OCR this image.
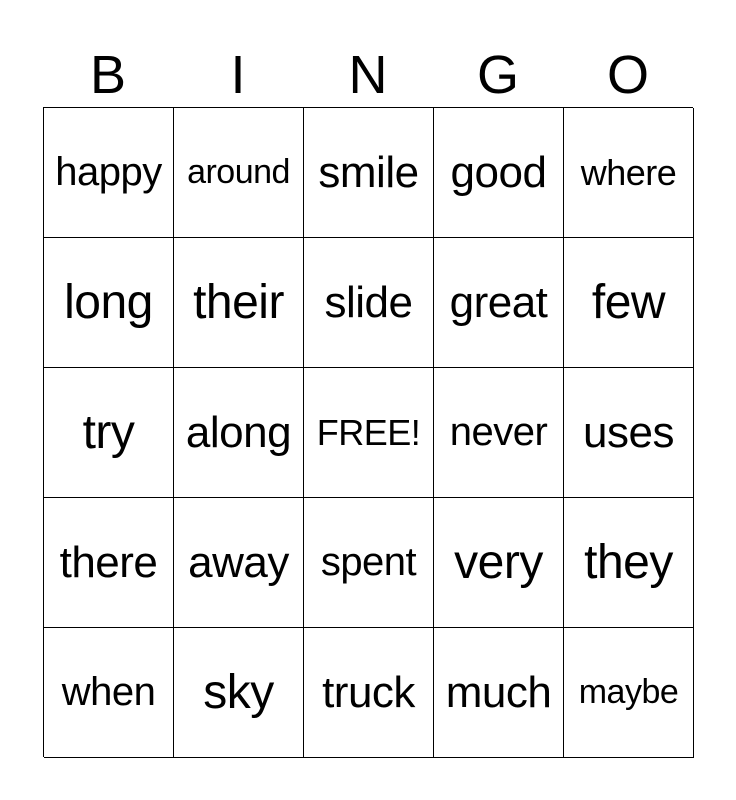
B	I	N	G	O
happy around smile good where
long their slide great few
try	along FREE! never uses
there away spent very they
when sky	truck much maybe
